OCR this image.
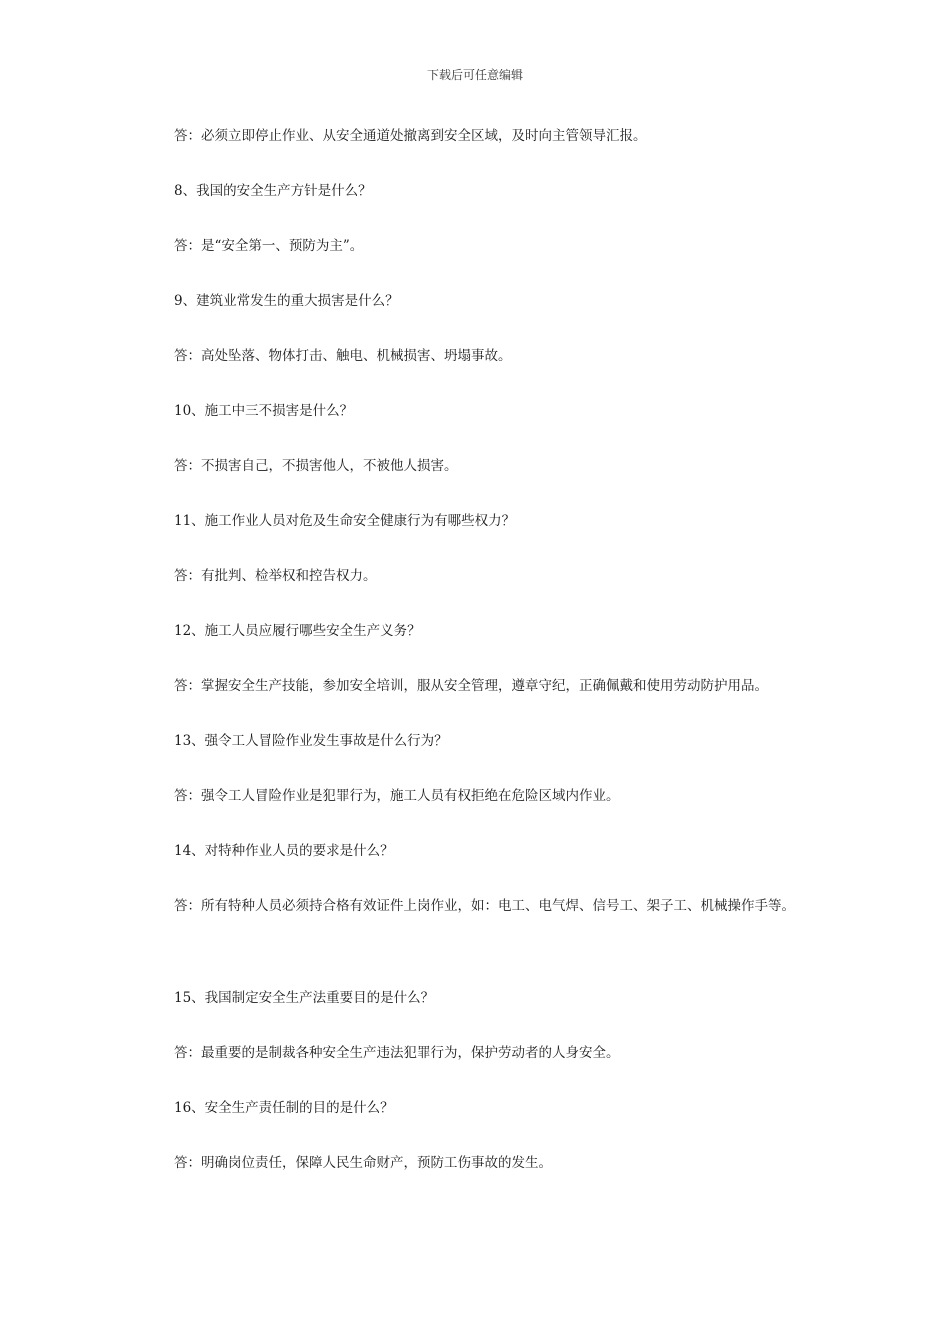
下载后可任意编辑
答：必须立即停止作业、从安全通道处撤离到安全区域，及时向主管领导汇报。
8、我国的安全生产方针是什么？
答：是“安全第一、预防为主”。
9、建筑业常发生的重大损害是什么？
答：高处坠落、物体打击、触电、机械损害、坍塌事故。
10、施工中三不损害是什么？
答：不损害自己，不损害他人，不被他人损害。
11、施工作业人员对危及生命安全健康行为有哪些权力？
答：有批判、检举权和控告权力。
12、施工人员应履行哪些安全生产义务？
答：掌握安全生产技能，参加安全培训，服从安全管理，遵章守纪，正确佩戴和使用劳动防护用品。
13、强令工人冒险作业发生事故是什么行为？
答：强令工人冒险作业是犯罪行为，施工人员有权拒绝在危险区域内作业。
14、对特种作业人员的要求是什么？
答：所有特种人员必须持合格有效证件上岗作业，如：电工、电气焊、信号工、架子工、机械操作手等。
15、我国制定安全生产法重要目的是什么？
答：最重要的是制裁各种安全生产违法犯罪行为，保护劳动者的人身安全。
16、安全生产责任制的目的是什么？
答：明确岗位责任，保障人民生命财产，预防工伤事故的发生。
